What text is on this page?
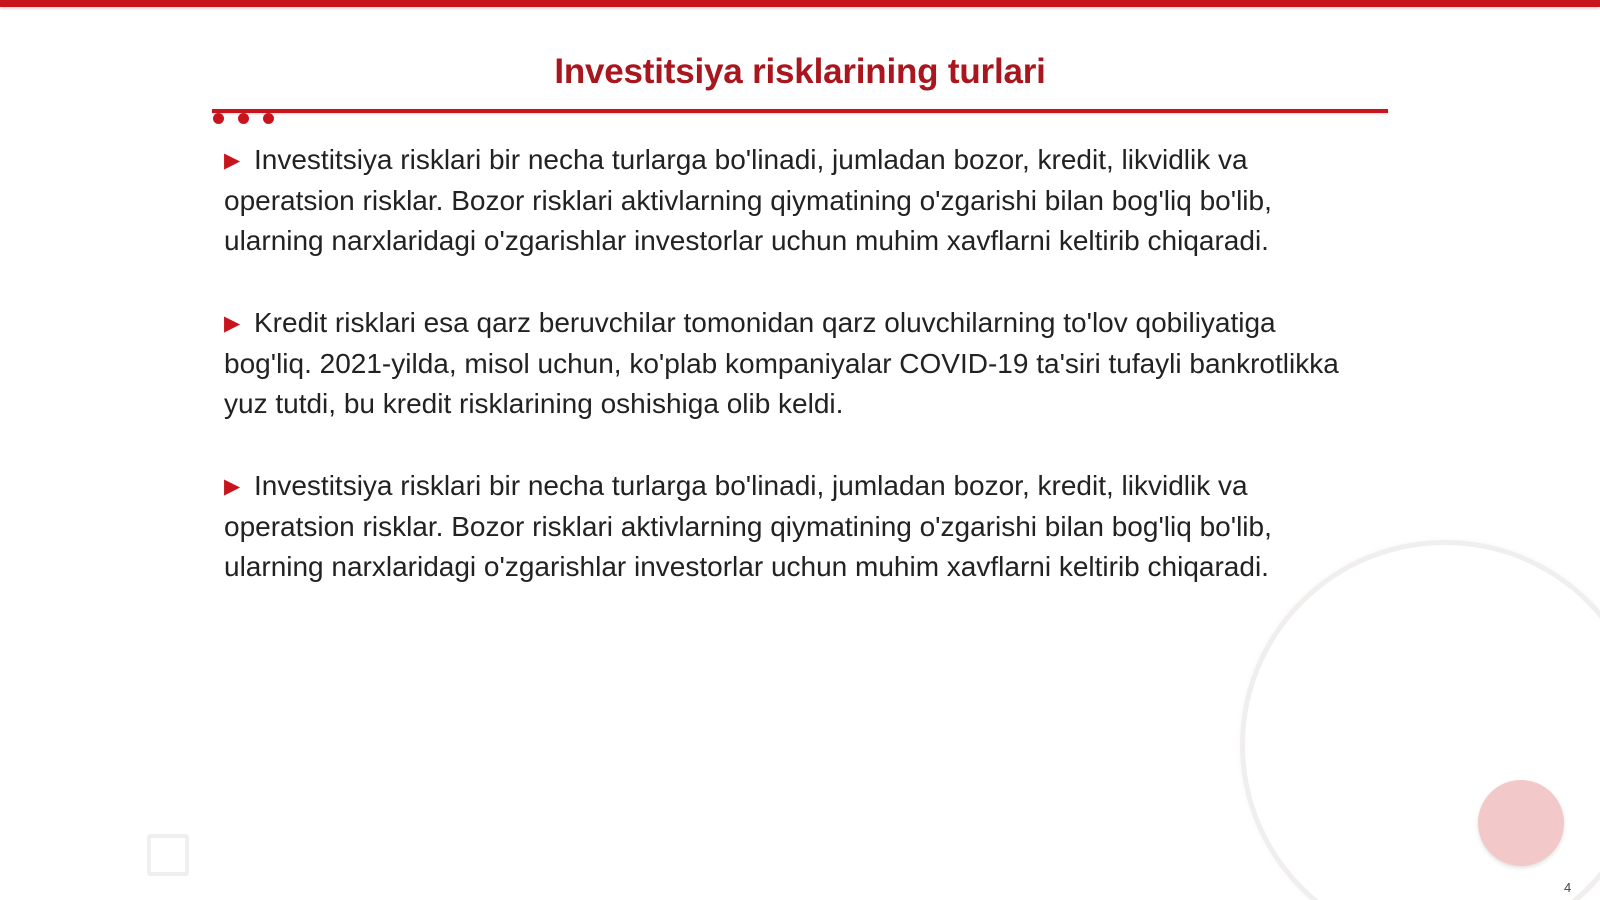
Investitsiya risklarining turlari

▶ Investitsiya risklari bir necha turlarga bo'linadi, jumladan bozor, kredit, likvidlik va operatsion risklar. Bozor risklari aktivlarning qiymatining o'zgarishi bilan bog'liq bo'lib, ularning narxlaridagi o'zgarishlar investorlar uchun muhim xavflarni keltirib chiqaradi.

▶ Kredit risklari esa qarz beruvchilar tomonidan qarz oluvchilarning to'lov qobiliyatiga bog'liq. 2021-yilda, misol uchun, ko'plab kompaniyalar COVID-19 ta'siri tufayli bankrotlikka yuz tutdi, bu kredit risklarining oshishiga olib keldi.

▶ Investitsiya risklari bir necha turlarga bo'linadi, jumladan bozor, kredit, likvidlik va operatsion risklar. Bozor risklari aktivlarning qiymatining o'zgarishi bilan bog'liq bo'lib, ularning narxlaridagi o'zgarishlar investorlar uchun muhim xavflarni keltirib chiqaradi.

4
